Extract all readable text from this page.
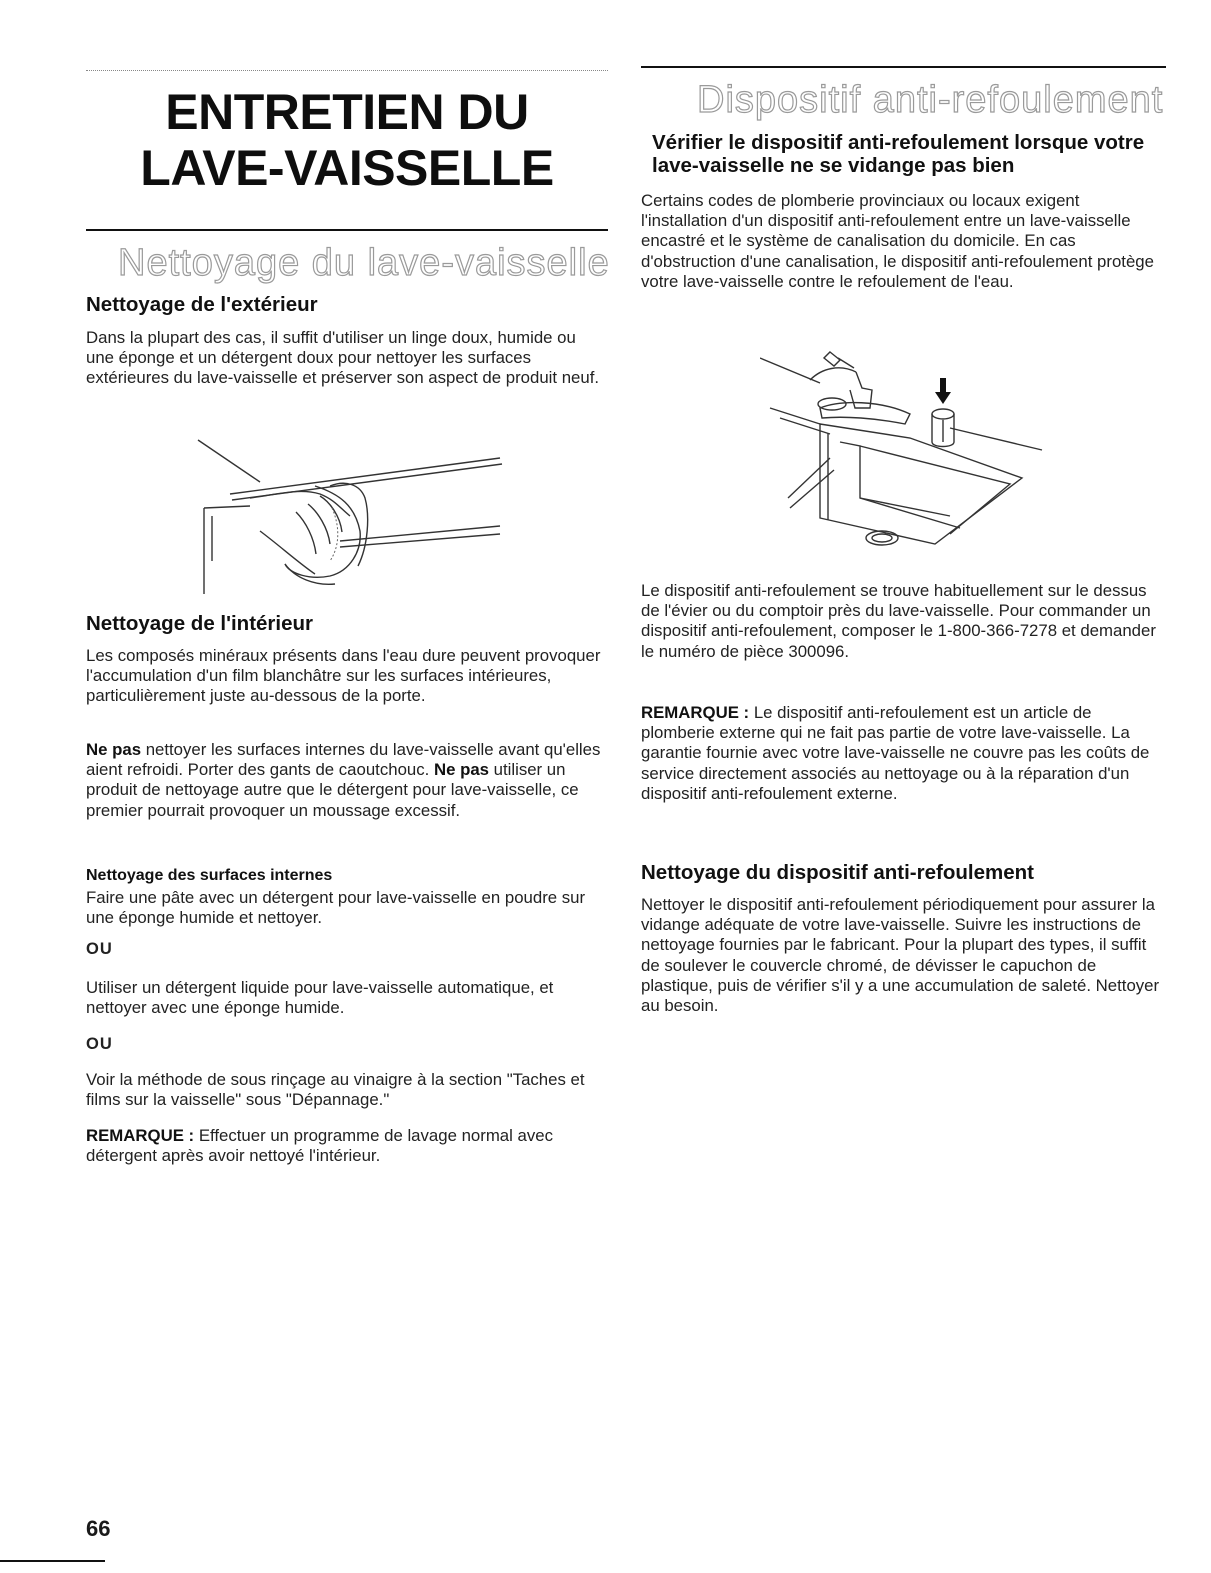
ENTRETIEN DU
LAVE-VAISSELLE
Nettoyage du lave-vaisselle
Nettoyage de l'extérieur

Dans la plupart des cas, il suffit d'utiliser un linge doux, humide ou une éponge et un détergent doux pour nettoyer les surfaces extérieures du lave-vaisselle et préserver son aspect de produit neuf.

Nettoyage de l'intérieur

Les composés minéraux présents dans l'eau dure peuvent provoquer l'accumulation d'un film blanchâtre sur les surfaces intérieures, particulièrement juste au-dessous de la porte.

Ne pas nettoyer les surfaces internes du lave-vaisselle avant qu'elles aient refroidi. Porter des gants de caoutchouc. Ne pas utiliser un produit de nettoyage autre que le détergent pour lave-vaisselle, ce premier pourrait provoquer un moussage excessif.

Nettoyage des surfaces internes

Faire une pâte avec un détergent pour lave-vaisselle en poudre sur une éponge humide et nettoyer.

OU

Utiliser un détergent liquide pour lave-vaisselle automatique, et nettoyer avec une éponge humide.

OU

Voir la méthode de sous rinçage au vinaigre à la section "Taches et films sur la vaisselle" sous "Dépannage."

REMARQUE : Effectuer un programme de lavage normal avec détergent après avoir nettoyé l'intérieur.

66
Dispositif anti-refoulement
Vérifier le dispositif anti-refoulement lorsque votre lave-vaisselle ne se vidange pas bien

Certains codes de plomberie provinciaux ou locaux exigent l'installation d'un dispositif anti-refoulement entre un lave-vaisselle encastré et le système de canalisation du domicile. En cas d'obstruction d'une canalisation, le dispositif anti-refoulement protège votre lave-vaisselle contre le refoulement de l'eau.

Le dispositif anti-refoulement se trouve habituellement sur le dessus de l'évier ou du comptoir près du lave-vaisselle. Pour commander un dispositif anti-refoulement, composer le 1-800-366-7278 et demander le numéro de pièce 300096.

REMARQUE : Le dispositif anti-refoulement est un article de plomberie externe qui ne fait pas partie de votre lave-vaisselle. La garantie fournie avec votre lave-vaisselle ne couvre pas les coûts de service directement associés au nettoyage ou à la réparation d'un dispositif anti-refoulement externe.

Nettoyage du dispositif anti-refoulement

Nettoyer le dispositif anti-refoulement périodiquement pour assurer la vidange adéquate de votre lave-vaisselle. Suivre les instructions de nettoyage fournies par le fabricant. Pour la plupart des types, il suffit de soulever le couvercle chromé, de dévisser le capuchon de plastique, puis de vérifier s'il y a une accumulation de saleté. Nettoyer au besoin.
